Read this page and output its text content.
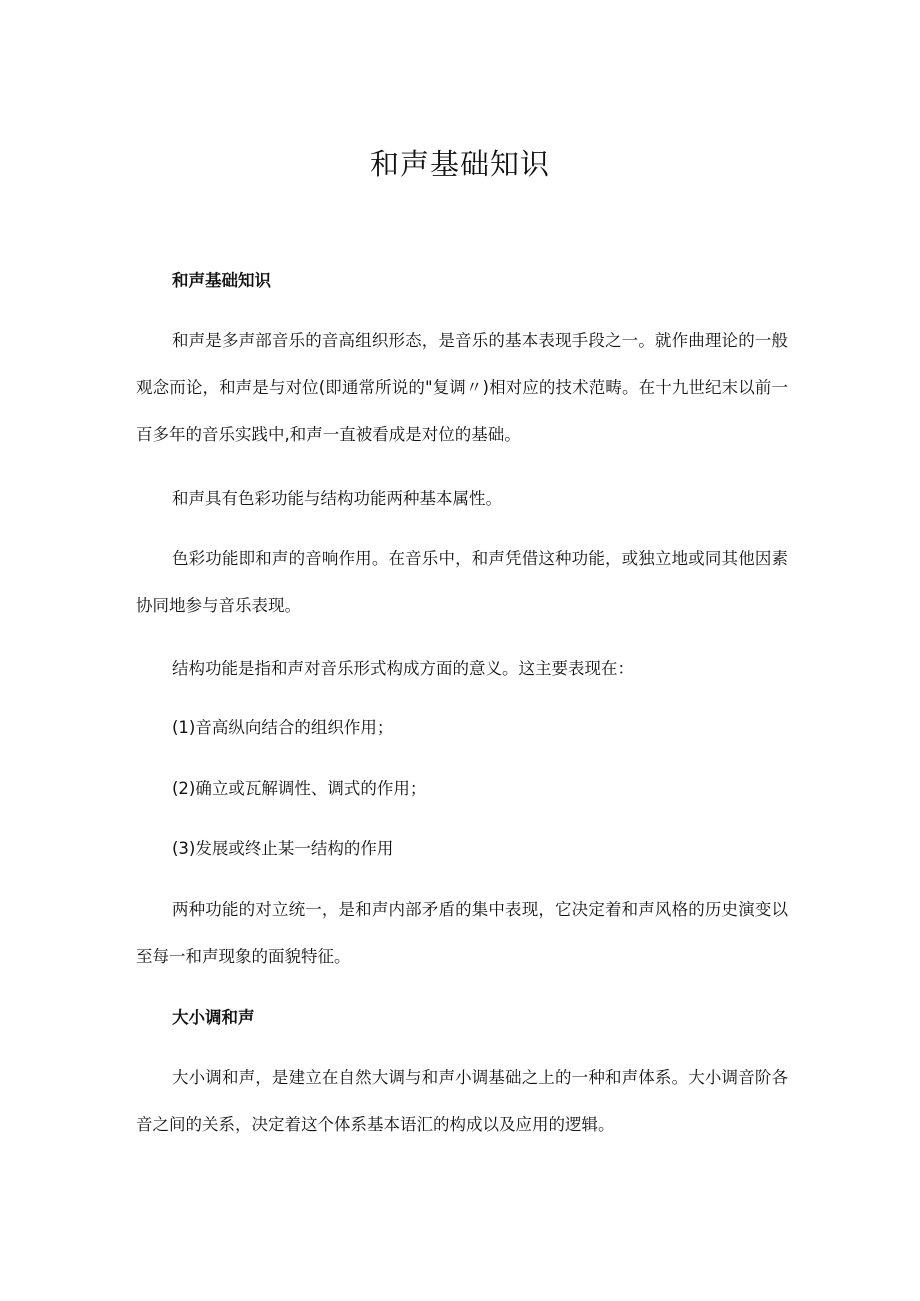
和声基础知识

和声基础知识

和声是多声部音乐的音高组织形态，是音乐的基本表现手段之一。就作曲理论的一般观念而论，和声是与对位(即通常所说的"复调〃)相对应的技术范畴。在十九世纪末以前一百多年的音乐实践中,和声一直被看成是对位的基础。

和声具有色彩功能与结构功能两种基本属性。

色彩功能即和声的音响作用。在音乐中，和声凭借这种功能，或独立地或同其他因素协同地参与音乐表现。

结构功能是指和声对音乐形式构成方面的意义。这主要表现在：

(1)音高纵向结合的组织作用；

(2)确立或瓦解调性、调式的作用；

(3)发展或终止某一结构的作用

两种功能的对立统一，是和声内部矛盾的集中表现，它决定着和声风格的历史演变以至每一和声现象的面貌特征。

大小调和声

大小调和声，是建立在自然大调与和声小调基础之上的一种和声体系。大小调音阶各音之间的关系，决定着这个体系基本语汇的构成以及应用的逻辑。
